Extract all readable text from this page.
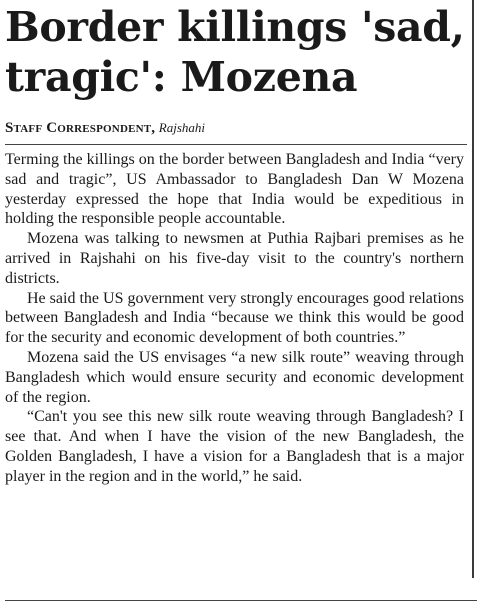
Border killings 'sad, tragic': Mozena
Staff Correspondent, Rajshahi

Terming the killings on the border between Bangladesh and India “very sad and tragic”, US Ambassador to Bangladesh Dan W Mozena yesterday expressed the hope that India would be expeditious in holding the responsible people accountable.

Mozena was talking to newsmen at Puthia Rajbari premises as he arrived in Rajshahi on his five-day visit to the country's northern districts.

He said the US government very strongly encourages good relations between Bangladesh and India “because we think this would be good for the security and economic development of both countries.”

Mozena said the US envisages “a new silk route” weaving through Bangladesh which would ensure security and economic development of the region.

“Can't you see this new silk route weaving through Bangladesh? I see that. And when I have the vision of the new Bangladesh, the Golden Bangladesh, I have a vision for a Bangladesh that is a major player in the region and in the world,” he said.
